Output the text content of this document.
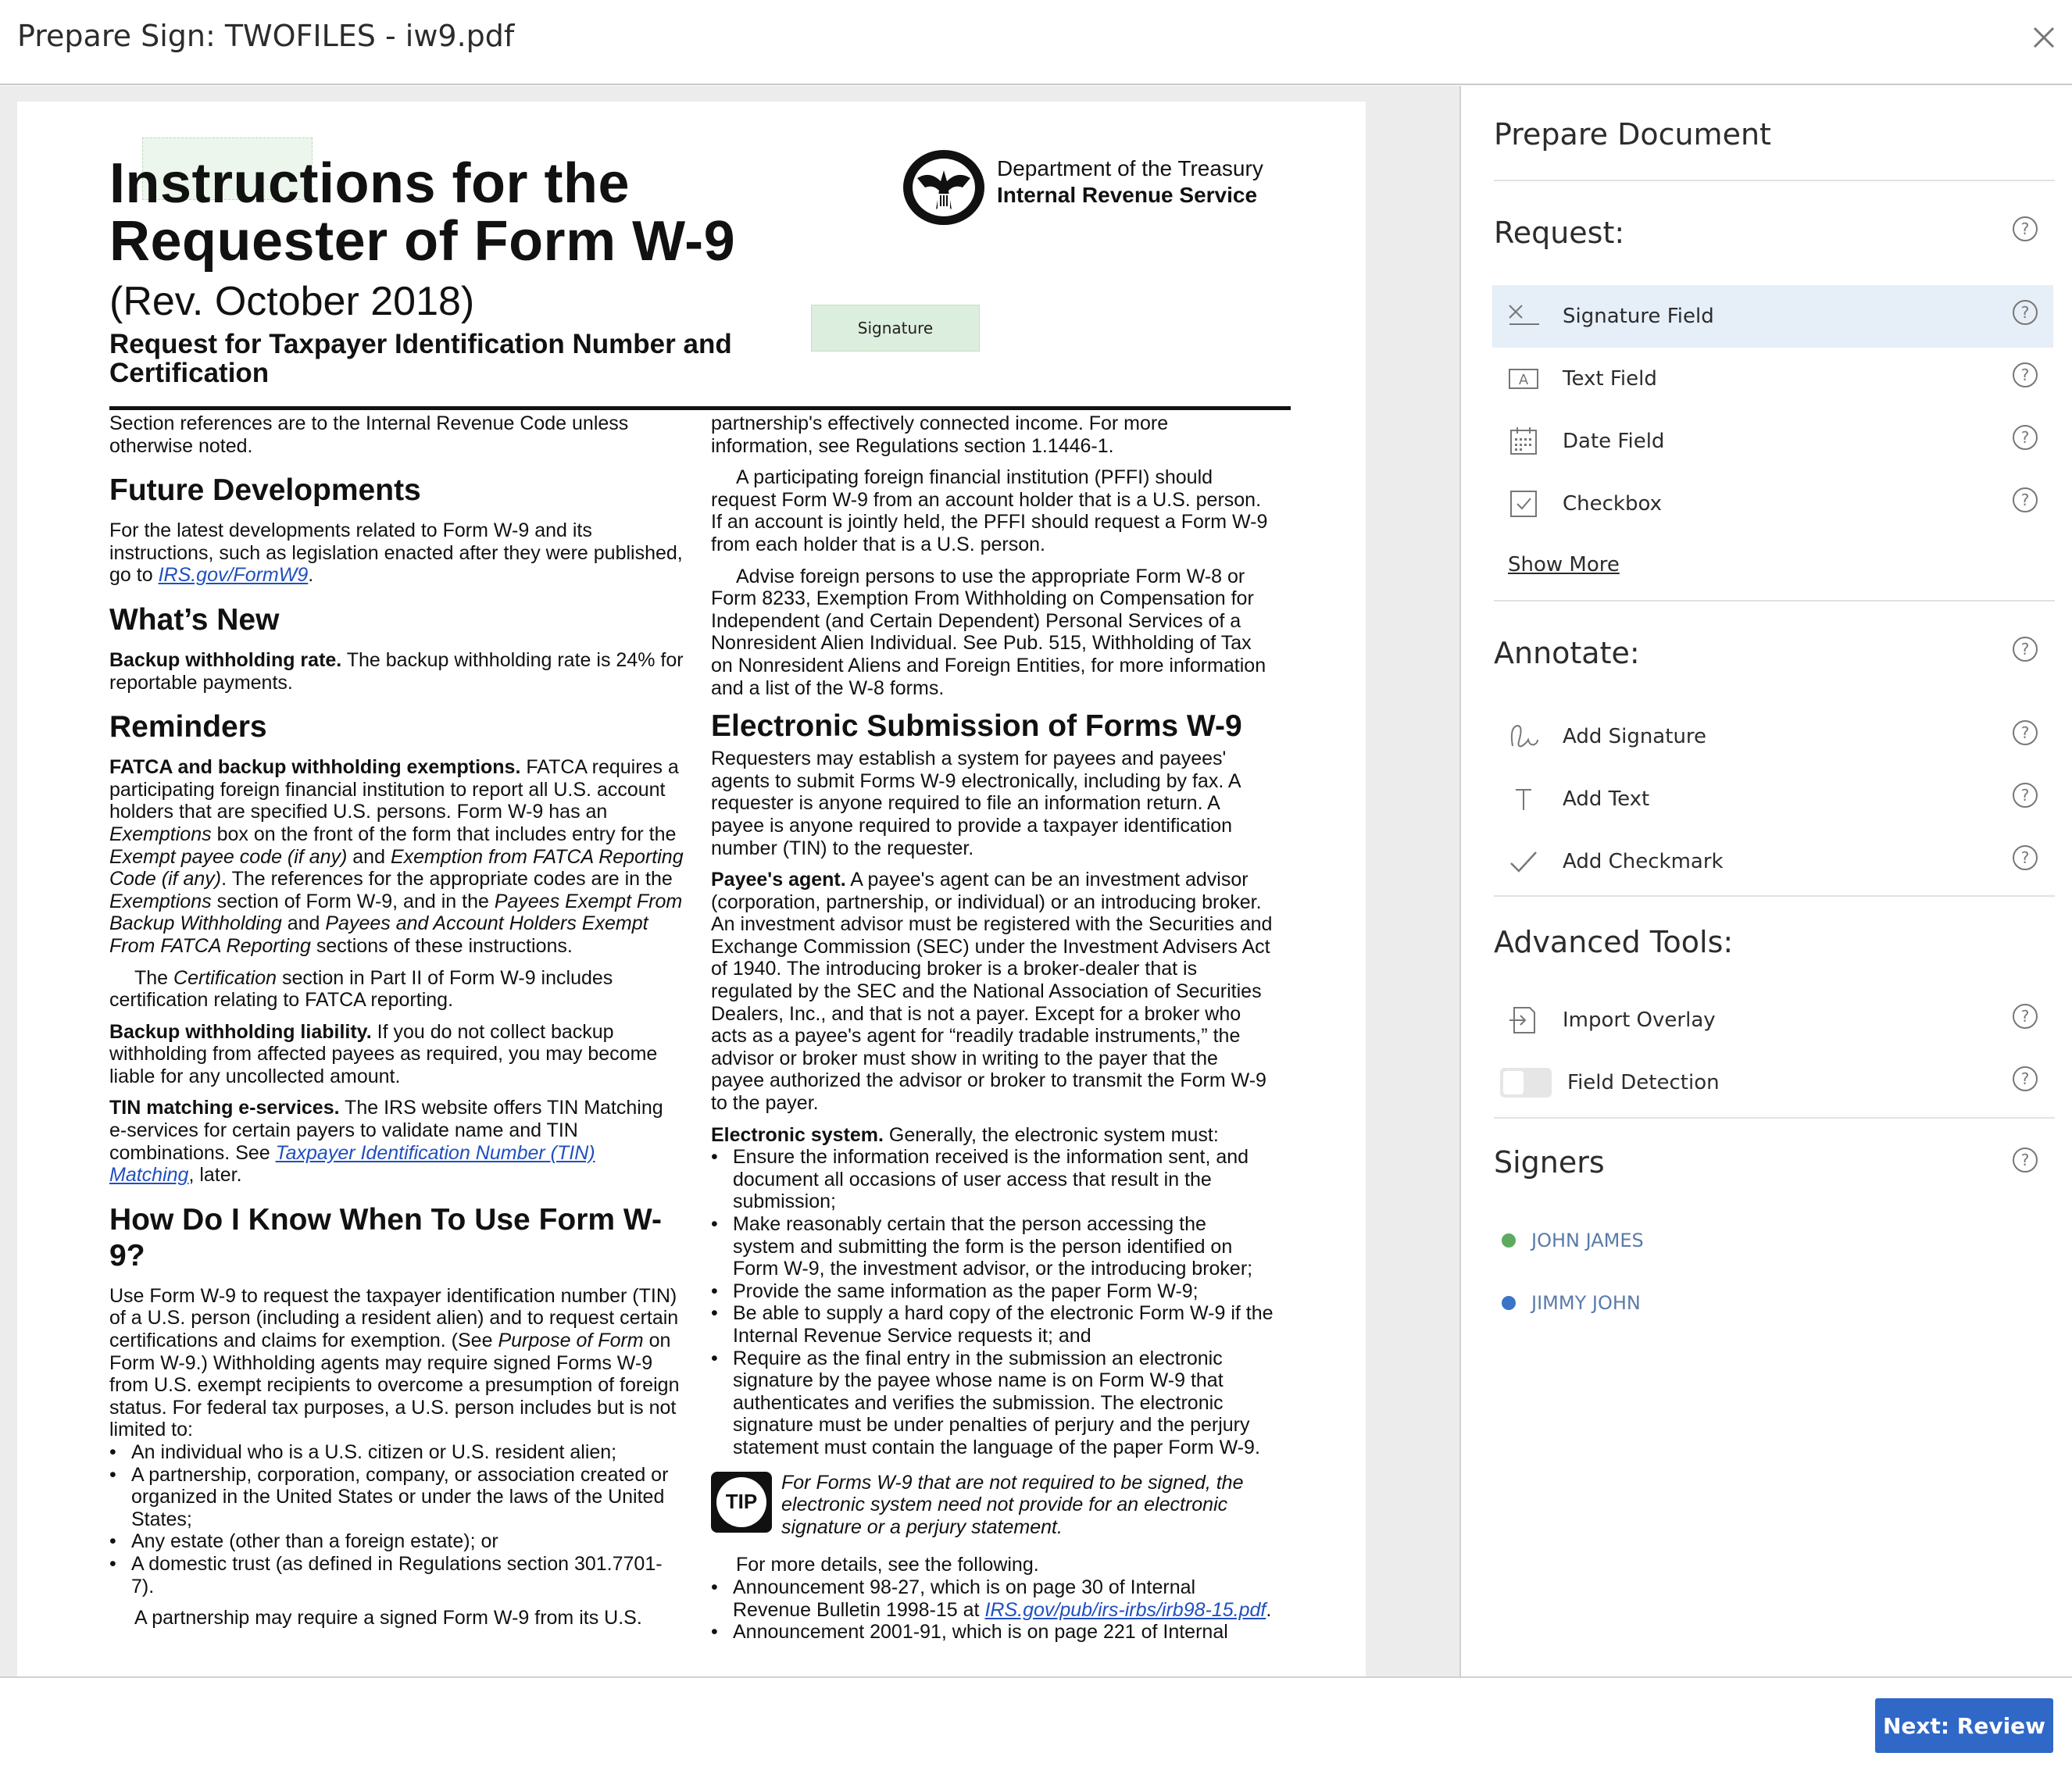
Prepare Sign: TWOFILES - iw9.pdf
Instructions for the
Requester of Form W-9
(Rev. October 2018)
Request for Taxpayer Identification Number and Certification
Department of the Treasury
Internal Revenue Service
Signature

Section references are to the Internal Revenue Code unless otherwise noted.

Future Developments

For the latest developments related to Form W-9 and its instructions, such as legislation enacted after they were published, go to IRS.gov/FormW9.

What’s New

Backup withholding rate. The backup withholding rate is 24% for reportable payments.

Reminders

FATCA and backup withholding exemptions. FATCA requires a participating foreign financial institution to report all U.S. account holders that are specified U.S. persons. Form W-9 has an Exemptions box on the front of the form that includes entry for the Exempt payee code (if any) and Exemption from FATCA Reporting Code (if any). The references for the appropriate codes are in the Exemptions section of Form W-9, and in the Payees Exempt From Backup Withholding and Payees and Account Holders Exempt From FATCA Reporting sections of these instructions.

The Certification section in Part II of Form W-9 includes certification relating to FATCA reporting.

Backup withholding liability. If you do not collect backup withholding from affected payees as required, you may become liable for any uncollected amount.

TIN matching e-services. The IRS website offers TIN Matching e-services for certain payers to validate name and TIN combinations. See Taxpayer Identification Number (TIN) Matching, later.

How Do I Know When To Use Form W-9?

Use Form W-9 to request the taxpayer identification number (TIN) of a U.S. person (including a resident alien) and to request certain certifications and claims for exemption. (See Purpose of Form on Form W-9.) Withholding agents may require signed Forms W-9 from U.S. exempt recipients to overcome a presumption of foreign status. For federal tax purposes, a U.S. person includes but is not limited to:

• An individual who is a U.S. citizen or U.S. resident alien;

• A partnership, corporation, company, or association created or organized in the United States or under the laws of the United States;

• Any estate (other than a foreign estate); or

• A domestic trust (as defined in Regulations section 301.7701-7).

A partnership may require a signed Form W-9 from its U.S.

partnership's effectively connected income. For more information, see Regulations section 1.1446-1.

A participating foreign financial institution (PFFI) should request Form W-9 from an account holder that is a U.S. person. If an account is jointly held, the PFFI should request a Form W-9 from each holder that is a U.S. person.

Advise foreign persons to use the appropriate Form W-8 or Form 8233, Exemption From Withholding on Compensation for Independent (and Certain Dependent) Personal Services of a Nonresident Alien Individual. See Pub. 515, Withholding of Tax on Nonresident Aliens and Foreign Entities, for more information and a list of the W-8 forms.

Electronic Submission of Forms W-9

Requesters may establish a system for payees and payees' agents to submit Forms W-9 electronically, including by fax. A requester is anyone required to file an information return. A payee is anyone required to provide a taxpayer identification number (TIN) to the requester.

Payee's agent. A payee's agent can be an investment advisor (corporation, partnership, or individual) or an introducing broker. An investment advisor must be registered with the Securities and Exchange Commission (SEC) under the Investment Advisers Act of 1940. The introducing broker is a broker-dealer that is regulated by the SEC and the National Association of Securities Dealers, Inc., and that is not a payer. Except for a broker who acts as a payee's agent for “readily tradable instruments,” the advisor or broker must show in writing to the payer that the payee authorized the advisor or broker to transmit the Form W-9 to the payer.

Electronic system. Generally, the electronic system must:

• Ensure the information received is the information sent, and document all occasions of user access that result in the submission;

• Make reasonably certain that the person accessing the system and submitting the form is the person identified on Form W-9, the investment advisor, or the introducing broker;

• Provide the same information as the paper Form W-9;

• Be able to supply a hard copy of the electronic Form W-9 if the Internal Revenue Service requests it; and

• Require as the final entry in the submission an electronic signature by the payee whose name is on Form W-9 that authenticates and verifies the submission. The electronic signature must be under penalties of perjury and the perjury statement must contain the language of the paper Form W-9.

TIP
For Forms W-9 that are not required to be signed, the electronic system need not provide for an electronic signature or a perjury statement.

For more details, see the following.

• Announcement 98-27, which is on page 30 of Internal Revenue Bulletin 1998-15 at IRS.gov/pub/irs-irbs/irb98-15.pdf.

• Announcement 2001-91, which is on page 221 of Internal

Prepare Document
Request:
Annotate:
Advanced Tools:
Signers
?
?
?
Signature Field	?
A Text Field	?
Date Field	?
Checkbox	?
Show More
Add Signature	?
Add Text	?
Add Checkmark	?
Import Overlay	?
Field Detection	?
JOHN JAMES
JIMMY JOHN
Next: Review
